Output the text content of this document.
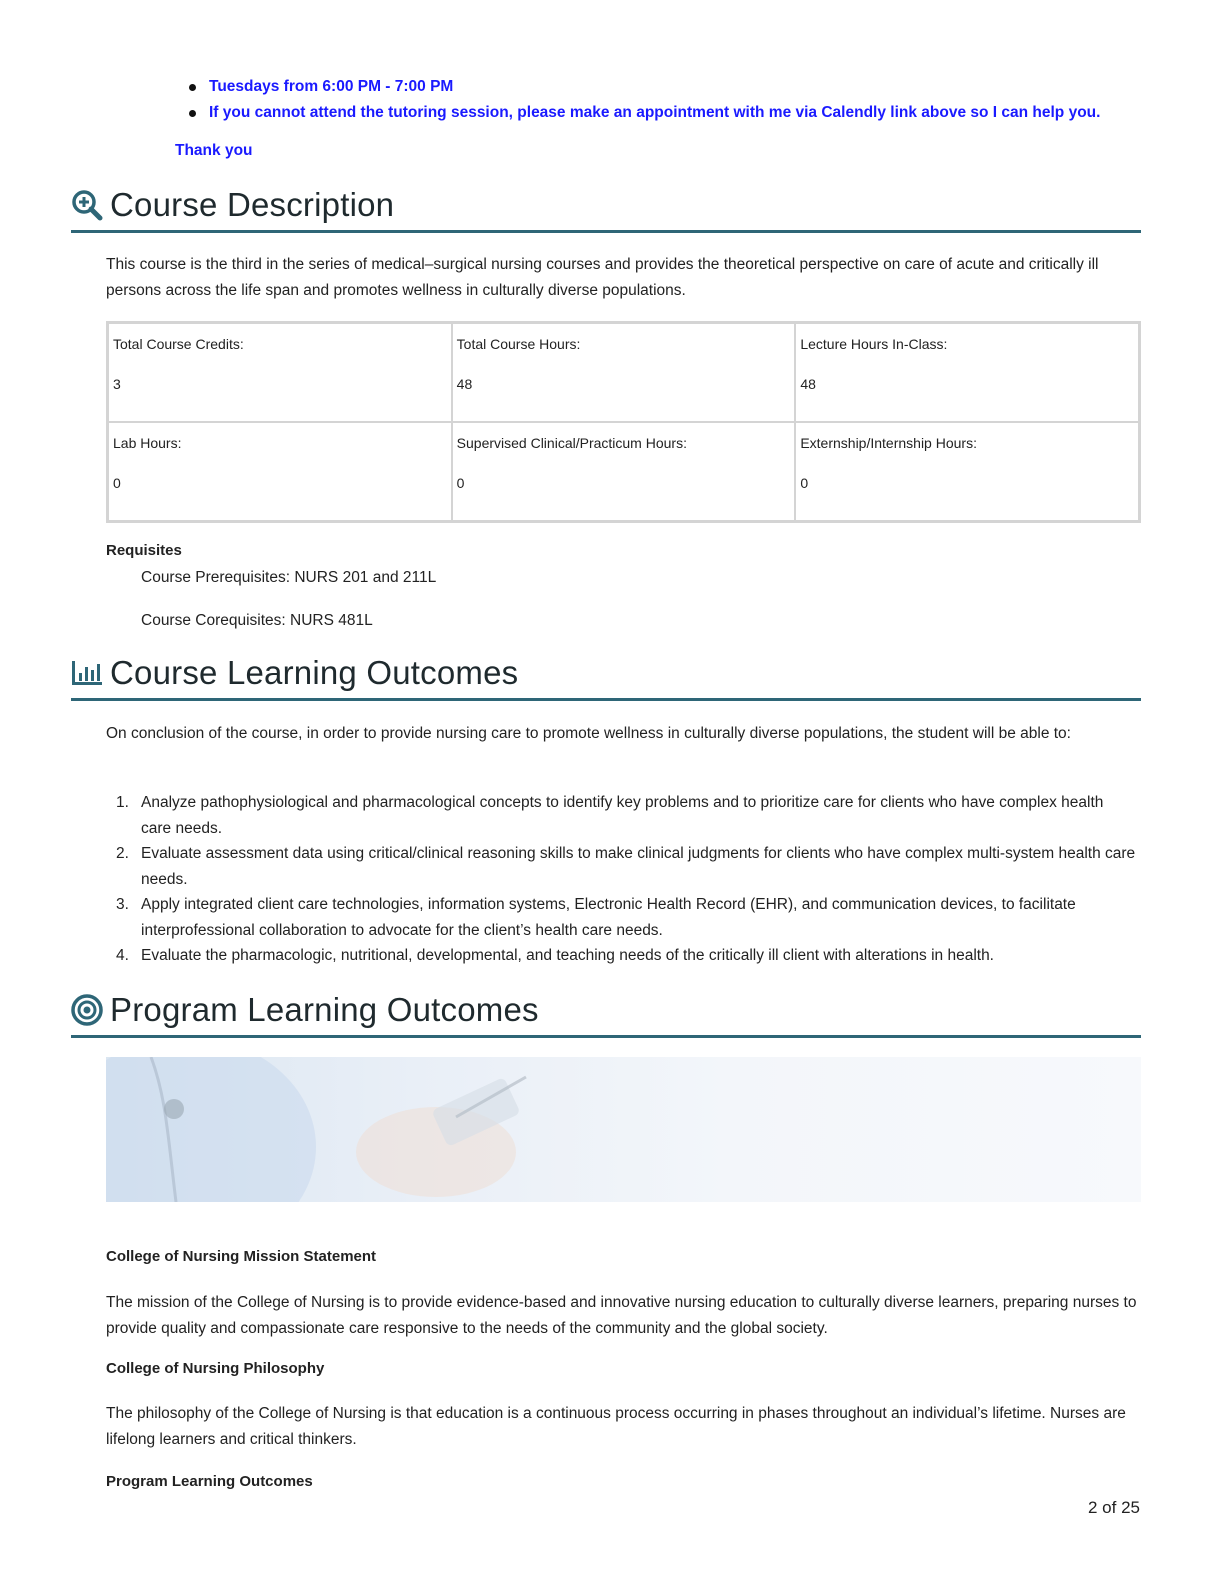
Tuesdays from 6:00 PM - 7:00 PM
If you cannot attend the tutoring session, please make an appointment with me via Calendly link above so I can help you.
Thank you
Course Description

This course is the third in the series of medical–surgical nursing courses and provides the theoretical perspective on care of acute and critically ill persons across the life span and promotes wellness in culturally diverse populations.

Total Course Credits:
3
Total Course Hours:
48
Lecture Hours In-Class:
48
Lab Hours:
0
Supervised Clinical/Practicum Hours:
0
Externship/Internship Hours:
0
Requisites
Course Prerequisites: NURS 201 and 211L
Course Corequisites: NURS 481L
Course Learning Outcomes

On conclusion of the course, in order to provide nursing care to promote wellness in culturally diverse populations, the student will be able to:

1. Analyze pathophysiological and pharmacological concepts to identify key problems and to prioritize care for clients who have complex health care needs.
2. Evaluate assessment data using critical/clinical reasoning skills to make clinical judgments for clients who have complex multi-system health care needs.
3. Apply integrated client care technologies, information systems, Electronic Health Record (EHR), and communication devices, to facilitate interprofessional collaboration to advocate for the client’s health care needs.
4. Evaluate the pharmacologic, nutritional, developmental, and teaching needs of the critically ill client with alterations in health.
Program Learning Outcomes
College of Nursing Mission Statement

The mission of the College of Nursing is to provide evidence-based and innovative nursing education to culturally diverse learners, preparing nurses to provide quality and compassionate care responsive to the needs of the community and the global society.

College of Nursing Philosophy

The philosophy of the College of Nursing is that education is a continuous process occurring in phases throughout an individual’s lifetime. Nurses are lifelong learners and critical thinkers.

Program Learning Outcomes
2 of 25
